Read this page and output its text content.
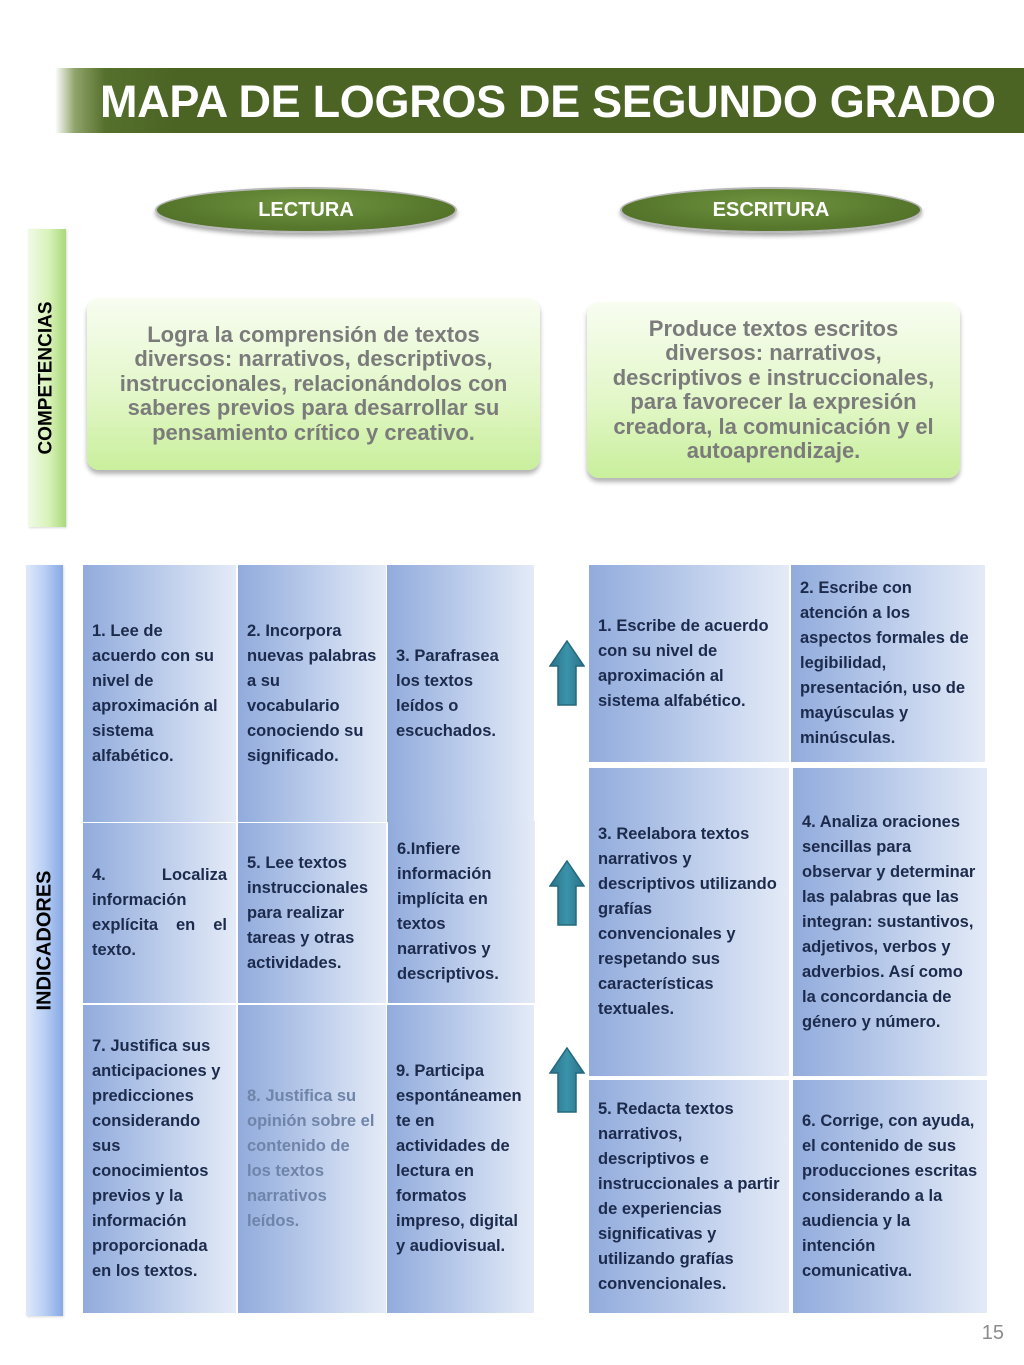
MAPA DE LOGROS DE SEGUNDO GRADO
LECTURA	ESCRITURA
COMPETENCIAS	Logra la comprensión de textos diversos: narrativos, descriptivos, instruccionales, relacionándolos con saberes previos para desarrollar su pensamiento crítico y creativo.
Produce textos escritos diversos: narrativos, descriptivos e instruccionales, para favorecer la expresión creadora, la comunicación y el autoaprendizaje.
INDICADORES
1. Lee de acuerdo con su nivel de aproximación al sistema alfabético.
2. Incorpora nuevas palabras a su vocabulario conociendo su significado.
3. Parafrasea los textos leídos o escuchados.
4. Localiza información explícita en el texto.
5. Lee textos instruccionales para realizar tareas y otras actividades.
6.Infiere información implícita en textos narrativos y descriptivos.
7. Justifica sus anticipaciones y predicciones considerando sus conocimientos previos y la información proporcionada en los textos.
8. Justifica su opinión sobre el contenido de los textos narrativos leídos.
9. Participa espontáneamente en actividades de lectura en formatos impreso, digital y audiovisual.
1. Escribe de acuerdo con su nivel de aproximación al sistema alfabético.
2. Escribe con atención a los aspectos formales de legibilidad, presentación, uso de mayúsculas y minúsculas.
3. Reelabora textos narrativos y descriptivos utilizando grafías convencionales y respetando sus características textuales.
4. Analiza oraciones sencillas para observar y determinar las palabras que las integran: sustantivos, adjetivos, verbos y adverbios. Así como la concordancia de género y número.
5. Redacta textos narrativos, descriptivos e instruccionales a partir de experiencias significativas y utilizando grafías convencionales.
6. Corrige, con ayuda, el contenido de sus producciones escritas considerando a la audiencia y la intención comunicativa.
15
